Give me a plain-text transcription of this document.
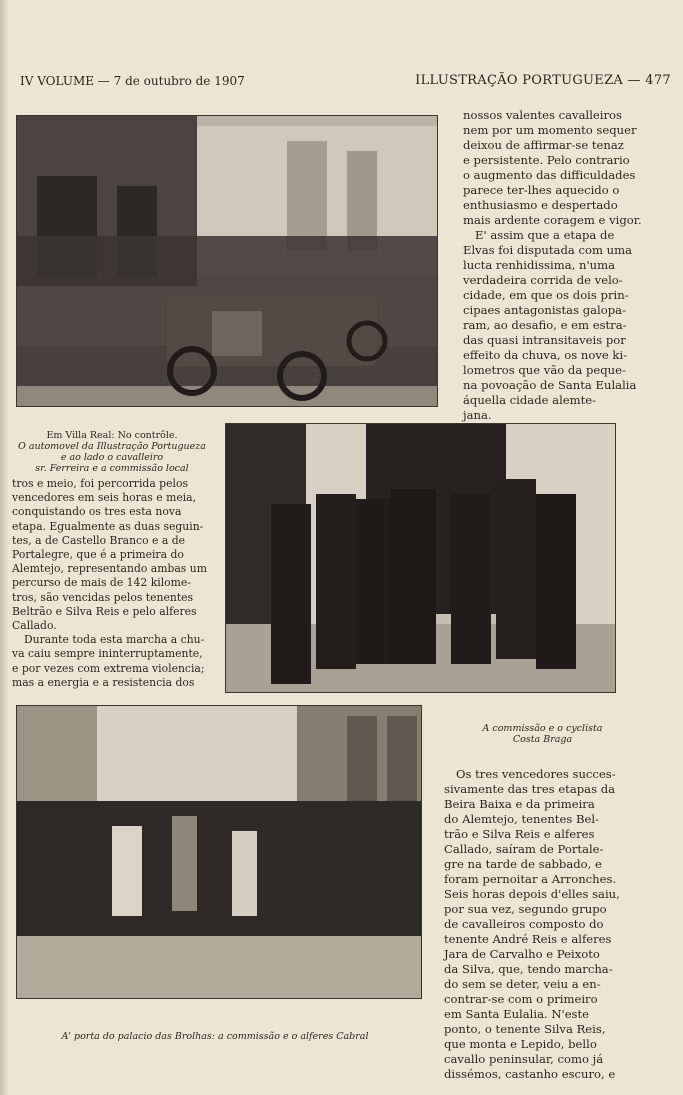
IV VOLUME — 7 de outubro de 1907	ILLUSTRAÇÃO PORTUGUEZA — 477

nossos valentes cavalleiros

nem por um momento sequer

deixou de affirmar-se tenaz

e persistente. Pelo contrario

o augmento das difficuldades

parece ter-lhes aquecido o

enthusiasmo e despertado

mais ardente coragem e vigor.

E' assim que a etapa de

Elvas foi disputada com uma

lucta renhidissima, n'uma

verdadeira corrida de velo-

cidade, em que os dois prin-

cipaes antagonistas galopa-

ram, ao desafio, e em estra-

das quasi intransitaveis por

effeito da chuva, os nove ki-

lometros que vão da peque-

na povoação de Santa Eulalia

áquella cidade alemte-

jana.

Em Villa Real: No contrôle.
O automovel da Illustração Portugueza
e ao lado o cavalleiro
sr. Ferreira e a commissão local

tros e meio, foi percorrida pelos

vencedores em seis horas e meia,

conquistando os tres esta nova

etapa. Egualmente as duas seguin-

tes, a de Castello Branco e a de

Portalegre, que é a primeira do

Alemtejo, representando ambas um

percurso de mais de 142 kilome-

tros, são vencidas pelos tenentes

Beltrão e Silva Reis e pelo alferes

Callado.

Durante toda esta marcha a chu-

va caiu sempre ininterruptamente,

e por vezes com extrema violencia;

mas a energia e a resistencia dos

A commissão e o cyclista
Costa Braga

Os tres vencedores succes-

sivamente das tres etapas da

Beira Baixa e da primeira

do Alemtejo, tenentes Bel-

trão e Silva Reis e alferes

Callado, saíram de Portale-

gre na tarde de sabbado, e

foram pernoitar a Arronches.

Seis horas depois d'elles saiu,

por sua vez, segundo grupo

de cavalleiros composto do

tenente André Reis e alferes

Jara de Carvalho e Peixoto

da Silva, que, tendo marcha-

do sem se deter, veiu a en-

contrar-se com o primeiro

em Santa Eulalia. N'este

ponto, o tenente Silva Reis,

que monta e Lepido, bello

cavallo peninsular, como já

dissémos, castanho escuro, e

A' porta do palacio das Brolhas: a commissão e o alferes Cabral
